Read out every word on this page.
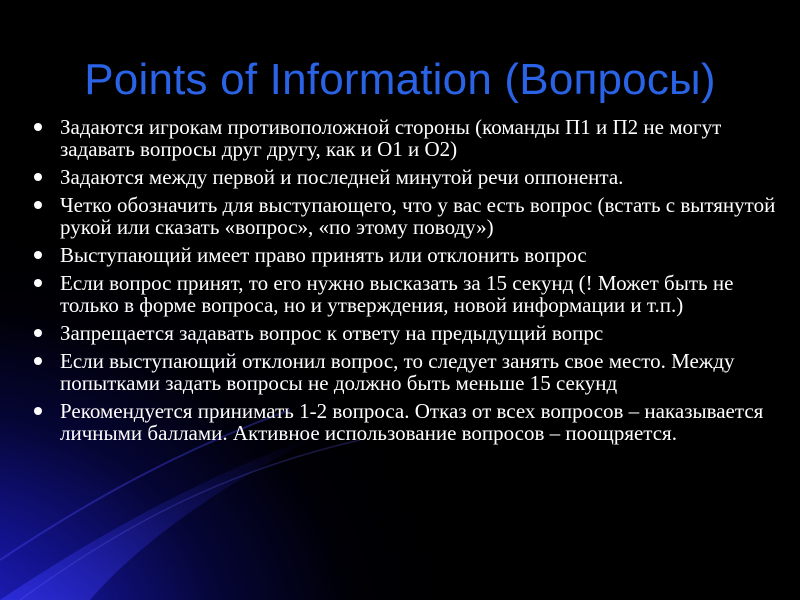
Points of Information (Вопросы)
Задаются игрокам противоположной стороны (команды П1 и П2 не могут задавать вопросы друг другу, как и О1 и О2)
Задаются между первой и последней минутой речи оппонента.
Четко обозначить для выступающего, что у вас есть вопрос (встать с вытянутой рукой или сказать «вопрос», «по этому поводу»)
Выступающий имеет право принять или отклонить вопрос
Если вопрос принят, то его нужно высказать за 15 секунд (! Может быть не только в форме вопроса, но и утверждения, новой информации и т.п.)
Запрещается задавать вопрос к ответу на предыдущий вопрс
Если выступающий отклонил вопрос, то следует занять свое место. Между попытками задать вопросы не должно быть меньше 15 секунд
Рекомендуется принимать 1-2 вопроса. Отказ от всех вопросов – наказывается личными баллами. Активное использование вопросов – поощряется.
